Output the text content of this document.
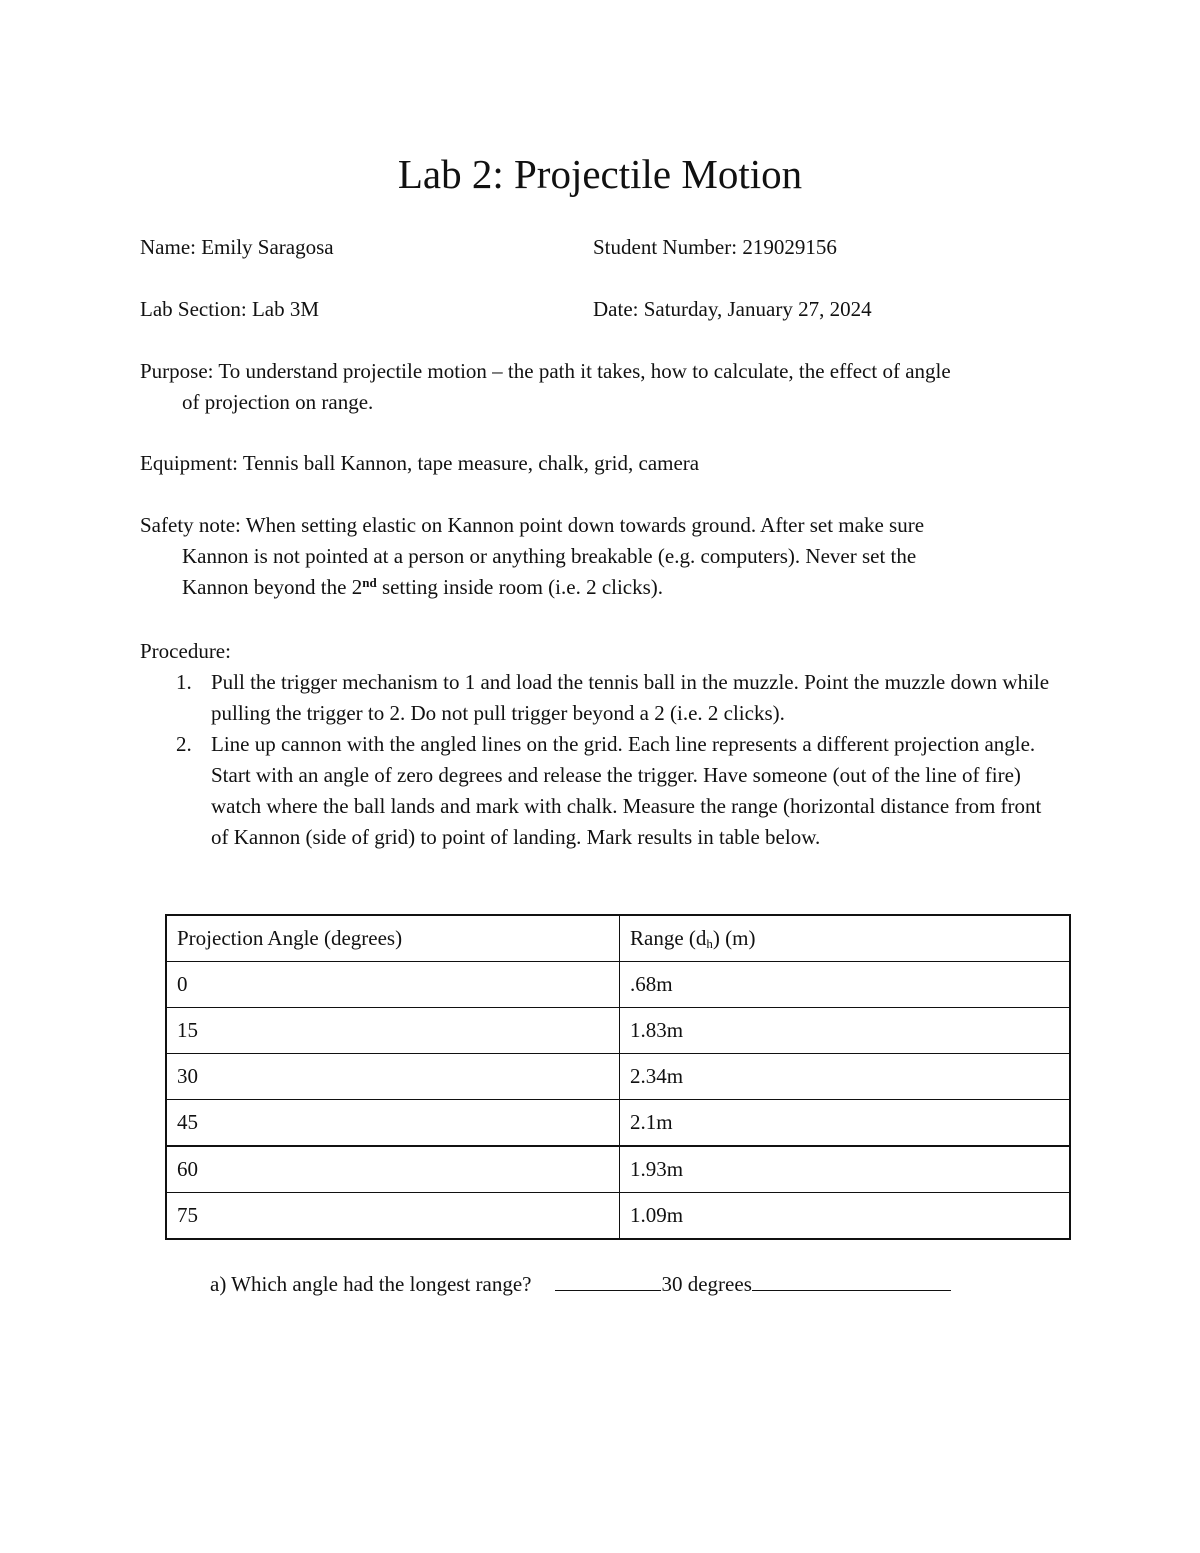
Lab 2: Projectile Motion
Name: Emily Saragosa	Student Number: 219029156
Lab Section: Lab 3M	Date: Saturday, January 27, 2024
Purpose: To understand projectile motion – the path it takes, how to calculate, the effect of angle
of projection on range.
Equipment: Tennis ball Kannon, tape measure, chalk, grid, camera
Safety note: When setting elastic on Kannon point down towards ground. After set make sure
Kannon is not pointed at a person or anything breakable (e.g. computers). Never set the
Kannon beyond the 2nd setting inside room (i.e. 2 clicks).
Procedure:
1. Pull the trigger mechanism to 1 and load the tennis ball in the muzzle. Point the muzzle down while pulling the trigger to 2. Do not pull trigger beyond a 2 (i.e. 2 clicks).
2. Line up cannon with the angled lines on the grid. Each line represents a different projection angle. Start with an angle of zero degrees and release the trigger. Have someone (out of the line of fire) watch where the ball lands and mark with chalk. Measure the range (horizontal distance from front of Kannon (side of grid) to point of landing. Mark results in table below.
Projection Angle (degrees)	Range $(d_h)$ (m)
0	.68m
15	1.83m
30	2.34m
45	2.1m
60	1.93m
75	1.09m
a) Which angle had the longest range?	30 degrees
